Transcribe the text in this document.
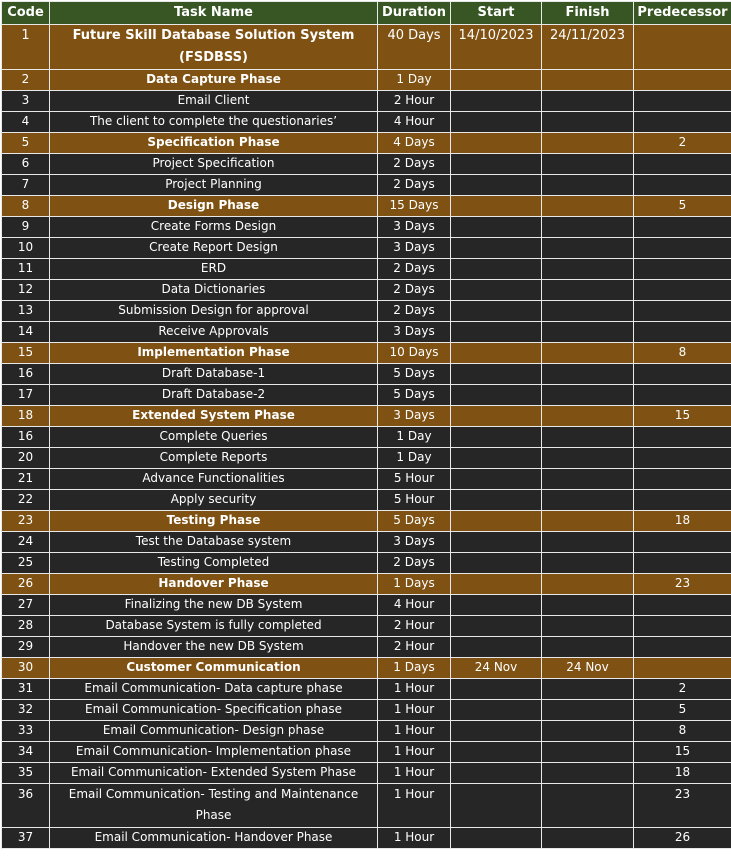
Code	Task Name	Duration	Start	Finish	Predecessor
1	Future Skill Database Solution System (FSDBSS)	40 Days	14/10/2023	24/11/2023	
2	Data Capture Phase	1 Day			
3	Email Client	2 Hour			
4	The client to complete the questionaries’	4 Hour			
5	Specification Phase	4 Days			2
6	Project Specification	2 Days			
7	Project Planning	2 Days			
8	Design Phase	15 Days			5
9	Create Forms Design	3 Days			
10	Create Report Design	3 Days			
11	ERD	2 Days			
12	Data Dictionaries	2 Days			
13	Submission Design for approval	2 Days			
14	Receive Approvals	3 Days			
15	Implementation Phase	10 Days			8
16	Draft Database-1	5 Days			
17	Draft Database-2	5 Days			
18	Extended System Phase	3 Days			15
16	Complete Queries	1 Day			
20	Complete Reports	1 Day			
21	Advance Functionalities	5 Hour			
22	Apply security	5 Hour			
23	Testing Phase	5 Days			18
24	Test the Database system	3 Days			
25	Testing Completed	2 Days			
26	Handover Phase	1 Days			23
27	Finalizing the new DB System	4 Hour			
28	Database System is fully completed	2 Hour			
29	Handover the new DB System	2 Hour			
30	Customer Communication	1 Days	24 Nov	24 Nov	
31	Email Communication- Data capture phase	1 Hour			2
32	Email Communication- Specification phase	1 Hour			5
33	Email Communication- Design phase	1 Hour			8
34	Email Communication- Implementation phase	1 Hour			15
35	Email Communication- Extended System Phase	1 Hour			18
36	Email Communication- Testing and Maintenance Phase	1 Hour			23
37	Email Communication- Handover Phase	1 Hour			26
